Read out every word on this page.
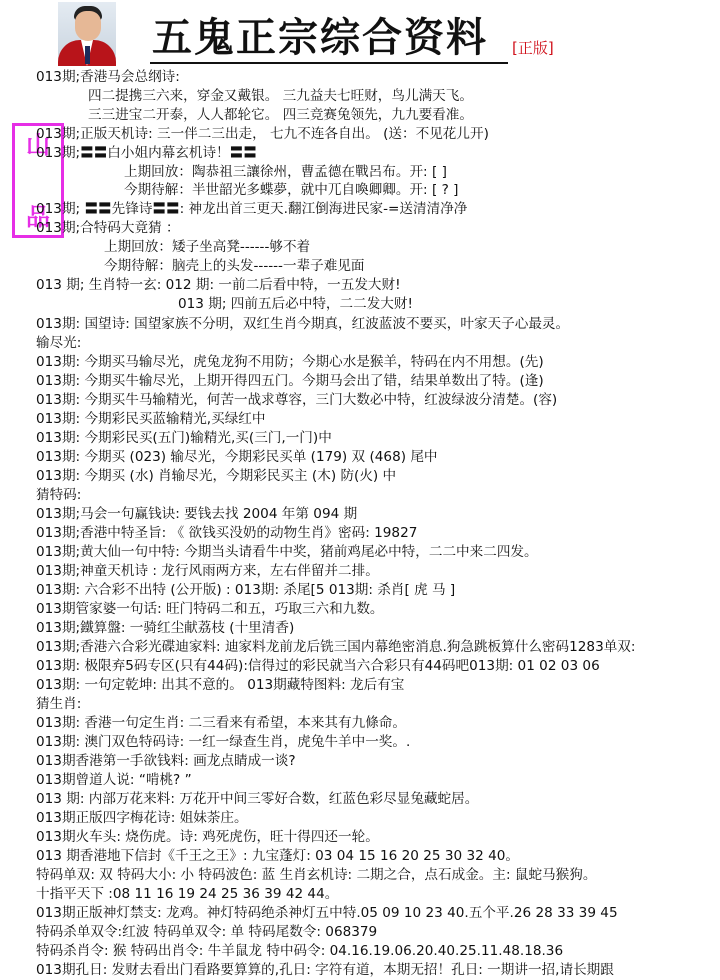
五鬼正宗综合资料 [正版]
山
品
013期;香港马会总纲诗:
四二提携三六来，穿金又戴银。 三九益夫七旺财，鸟儿满天飞。
三三进宝二开泰，人人都轮它。 四三竞赛兔领先，九九要看准。
013期;正版天机诗: 三一伴二三出走， 七九不连各自出。 (送：不见花儿开)
013期;〓〓白小姐内幕玄机诗！〓〓
上期回放：陶恭祖三讓徐州，曹孟德在戰呂布。开: [ ]
今期待解：半世韶光多蝶夢，就中兀自喚卿卿。开: [ ? ]
013期; 〓〓先锋诗〓〓: 神龙出首三更天.翻江倒海进民家-=送清清净净
013期;合特码大竟猜 ：
上期回放：矮子坐高凳------够不着
今期待解：脑壳上的头发------一辈子难见面
013 期; 生肖特一玄: 012 期: 一前二后看中特，一五发大财!
013 期; 四前五后必中特，二二发大财!
013期: 国望诗: 国望家族不分明，双红生肖今期真，红波蓝波不要买，叶家天子心最灵。
输尽光:
013期: 今期买马输尽光，虎兔龙狗不用防；今期心水是猴羊，特码在内不用想。(先)
013期: 今期买牛输尽光，上期开得四五门。今期马会出了错，结果单数出了特。(逢)
013期: 今期买牛马输精光，何苦一战求尊容，三门大数必中特，红波绿波分清楚。(容)
013期: 今期彩民买蓝输精光,买绿红中
013期: 今期彩民买(五门)输精光,买(三门,一门)中
013期: 今期买 (023) 输尽光，今期彩民买单 (179) 双 (468) 尾中
013期: 今期买 (水) 肖输尽光，今期彩民买主 (木) 防(火) 中
猜特码:
013期;马会一句赢钱诀: 要钱去找 2004 年第 094 期
013期;香港中特圣旨: 《 欲钱买没奶的动物生肖》密码: 19827
013期;黄大仙一句中特: 今期当头请看牛中奖，猪前鸡尾必中特，二二中来二四发。
013期;神童天机诗 : 龙行风雨两方来，左右伴留并二排。
013期: 六合彩不出特 (公开版) : 013期: 杀尾[5 013期: 杀肖[ 虎 马 ]
013期管家婆一句话: 旺门特码二和五，巧取三六和九数。
013期;鐵算盤: 一骑红尘献荔枝 (十里清香)
013期;香港六合彩光碟迪家料: 迪家料龙前龙后铣三国内幕绝密消息.狗急跳板算什么密码1283单双:
013期: 极限弃5码专区(只有44码):信得过的彩民就当六合彩只有44码吧013期: 01 02 03 06
013期: 一句定乾坤: 出其不意的。 013期藏特图料: 龙后有宝
猜生肖:
013期: 香港一句定生肖: 二三看来有希望，本来其有九條命。
013期: 澳门双色特码诗: 一红一绿查生肖，虎兔牛羊中一奖。.
013期香港第一手欲钱料: 画龙点睛成一谈?
013期曾道人说: “啃桃? ”
013 期: 内部万花来料: 万花开中间三零好合数，红蓝色彩尽显兔藏蛇居。
013期正版四字梅花诗: 姐妹荼庄。
013期火车头: 烧伤虎。诗: 鸡死虎伤，旺十得四还一轮。
013 期香港地下信封《千王之王》: 九宝蓬灯: 03 04 15 16 20 25 30 32 40。
特码单双: 双 特码大小: 小 特码波色: 蓝 生肖玄机诗: 二期之合，点石成金。主: 鼠蛇马猴狗。
十指平天下 :08 11 16 19 24 25 36 39 42 44。
013期正版神灯禁支: 龙鸡。神灯特码绝杀神灯五中特.05 09 10 23 40.五个平.26 28 33 39 45
特码杀单双令:红波 特码单双令: 单 特码尾数令: 068379
特码杀肖令: 猴 特码出肖令: 牛羊鼠龙 特中码令: 04.16.19.06.20.40.25.11.48.18.36
013期孔日: 发财去看出门看路要算算的,孔日: 字符有道，本期无招！孔日: 一期讲一招,请长期跟
